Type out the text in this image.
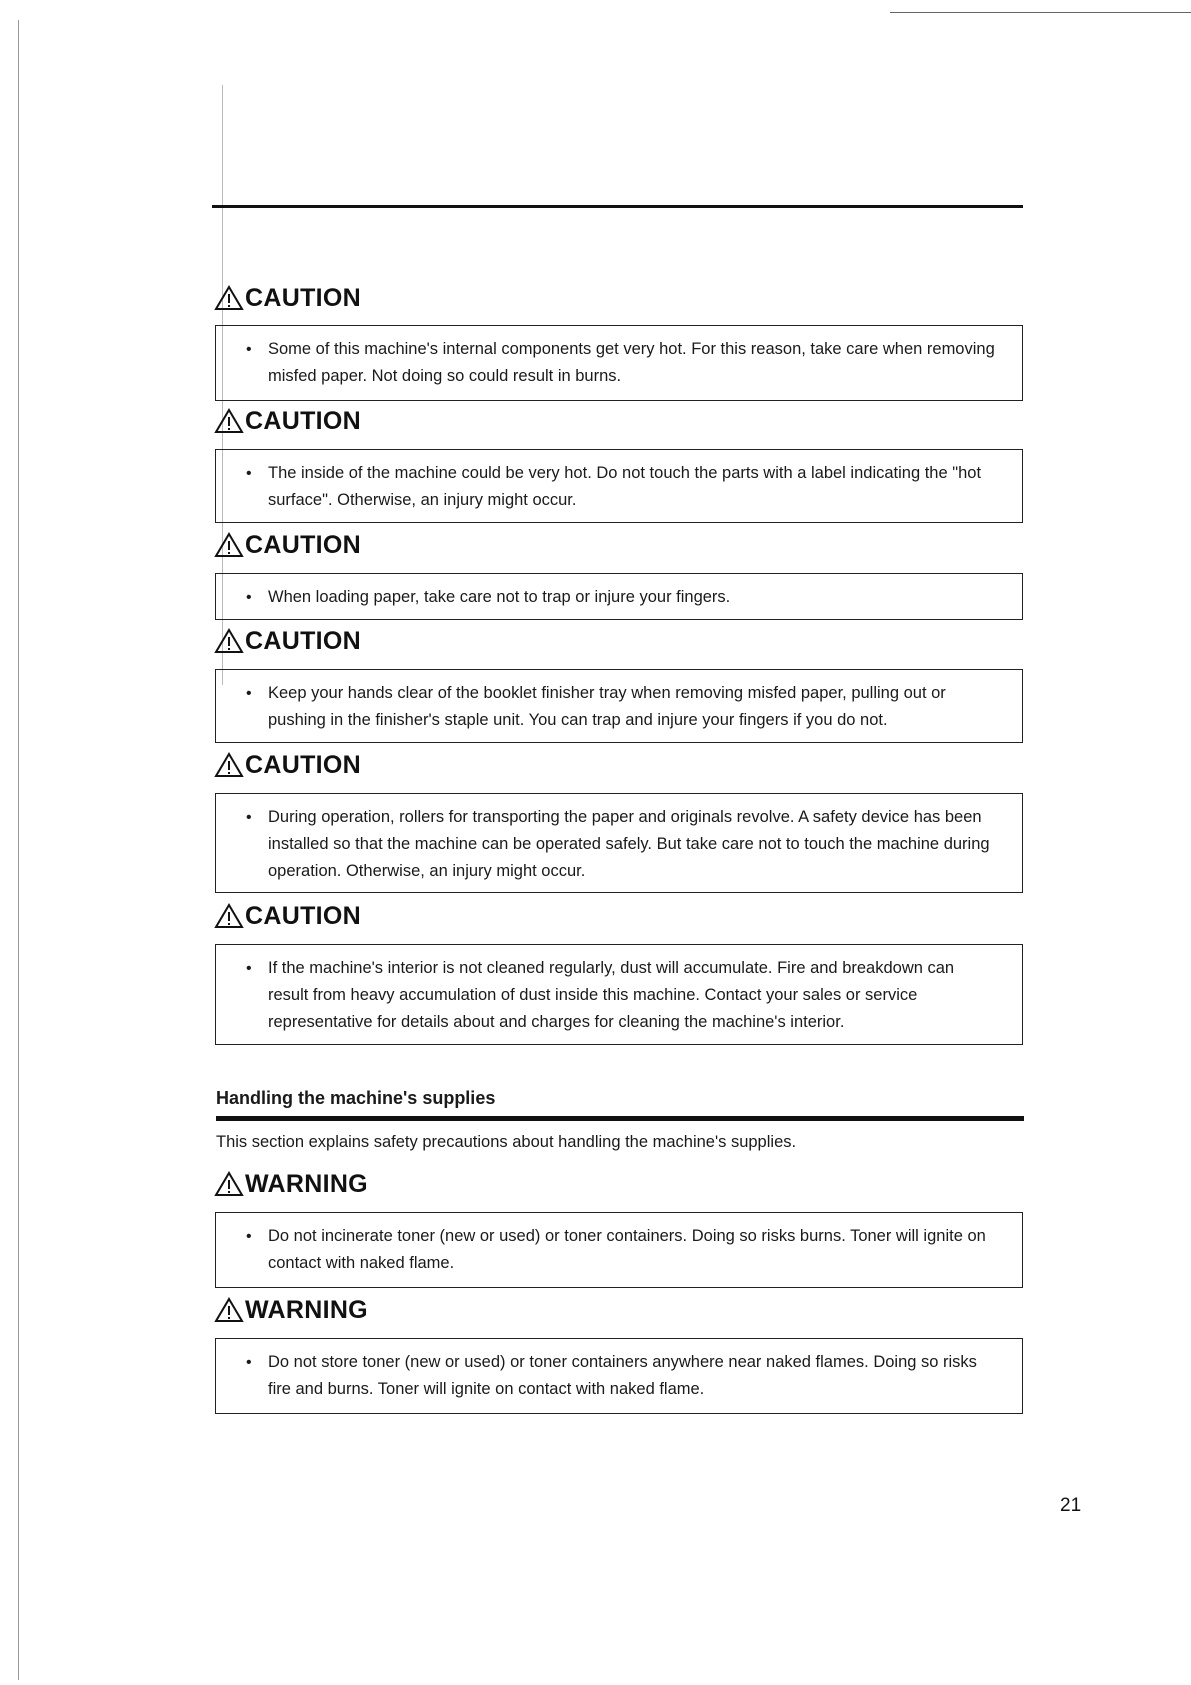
CAUTION
• Some of this machine's internal components get very hot. For this reason, take care when removing misfed paper. Not doing so could result in burns.
CAUTION
• The inside of the machine could be very hot. Do not touch the parts with a label indicating the "hot surface". Otherwise, an injury might occur.
CAUTION
• When loading paper, take care not to trap or injure your fingers.
CAUTION
• Keep your hands clear of the booklet finisher tray when removing misfed paper, pulling out or pushing in the finisher's staple unit. You can trap and injure your fingers if you do not.
CAUTION
• During operation, rollers for transporting the paper and originals revolve. A safety device has been installed so that the machine can be operated safely. But take care not to touch the machine during operation. Otherwise, an injury might occur.
CAUTION
• If the machine's interior is not cleaned regularly, dust will accumulate. Fire and breakdown can result from heavy accumulation of dust inside this machine. Contact your sales or service representative for details about and charges for cleaning the machine's interior.
Handling the machine's supplies
This section explains safety precautions about handling the machine's supplies.
WARNING
• Do not incinerate toner (new or used) or toner containers. Doing so risks burns. Toner will ignite on contact with naked flame.
WARNING
• Do not store toner (new or used) or toner containers anywhere near naked flames. Doing so risks fire and burns. Toner will ignite on contact with naked flame.
21
